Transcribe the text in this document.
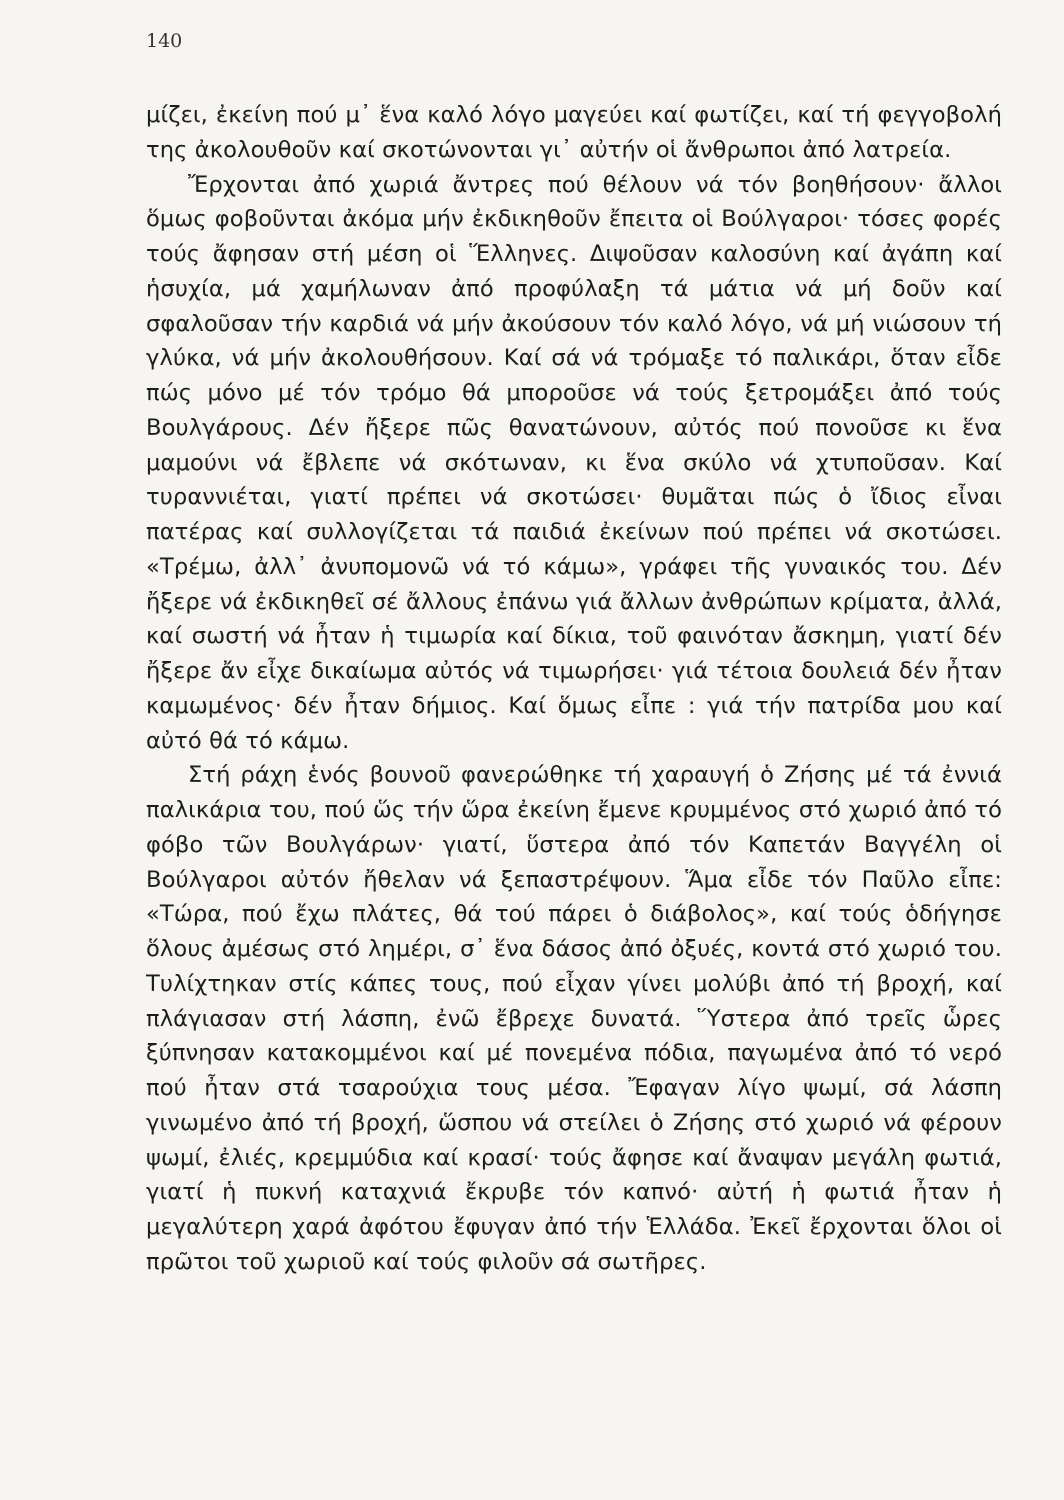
140

μίζει, ἐκείνη πού μ᾽ ἕνα καλό λόγο μαγεύει καί φωτίζει, καί τή φεγγοβολή της ἀκολουθοῦν καί σκοτώνονται γι᾽ αὐτήν οἱ ἄνθρωποι ἀπό λατρεία.

Ἔρχονται ἀπό χωριά ἄντρες πού θέλουν νά τόν βοηθήσουν· ἄλλοι ὅμως φοβοῦνται ἀκόμα μήν ἐκδικηθοῦν ἔπειτα οἱ Βούλγαροι· τόσες φορές τούς ἄφησαν στή μέση οἱ Ἕλληνες. Διψοῦσαν καλοσύνη καί ἀγάπη καί ἡσυχία, μά χαμήλωναν ἀπό προφύλαξη τά μάτια νά μή δοῦν καί σφαλοῦσαν τήν καρδιά νά μήν ἀκούσουν τόν καλό λόγο, νά μή νιώσουν τή γλύκα, νά μήν ἀκολουθήσουν. Καί σά νά τρόμαξε τό παλικάρι, ὅταν εἶδε πώς μόνο μέ τόν τρόμο θά μποροῦσε νά τούς ξετρομάξει ἀπό τούς Βουλγάρους. Δέν ἤξερε πῶς θανατώνουν, αὐτός πού πονοῦσε κι ἕνα μαμούνι νά ἔβλεπε νά σκότωναν, κι ἕνα σκύλο νά χτυποῦσαν. Καί τυραννιέται, γιατί πρέπει νά σκοτώσει· θυμᾶται πώς ὁ ἴδιος εἶναι πατέρας καί συλλογίζεται τά παιδιά ἐκείνων πού πρέπει νά σκοτώσει. «Τρέμω, ἀλλ᾽ ἀνυπομονῶ νά τό κάμω», γράφει τῆς γυναικός του. Δέν ἤξερε νά ἐκδικηθεῖ σέ ἄλλους ἐπάνω γιά ἄλλων ἀνθρώπων κρίματα, ἀλλά, καί σωστή νά ἦταν ἡ τιμωρία καί δίκια, τοῦ φαινόταν ἄσκημη, γιατί δέν ἤξερε ἄν εἶχε δικαίωμα αὐτός νά τιμωρήσει· γιά τέτοια δουλειά δέν ἦταν καμωμένος· δέν ἦταν δήμιος. Καί ὅμως εἶπε : γιά τήν πατρίδα μου καί αὐτό θά τό κάμω.

Στή ράχη ἑνός βουνοῦ φανερώθηκε τή χαραυγή ὁ Ζήσης μέ τά ἐννιά παλικάρια του, πού ὥς τήν ὥρα ἐκείνη ἔμενε κρυμμένος στό χωριό ἀπό τό φόβο τῶν Βουλγάρων· γιατί, ὕστερα ἀπό τόν Καπετάν Βαγγέλη οἱ Βούλγαροι αὐτόν ἤθελαν νά ξεπαστρέψουν. Ἅμα εἶδε τόν Παῦλο εἶπε: «Τώρα, πού ἔχω πλάτες, θά τού πάρει ὁ διάβολος», καί τούς ὁδήγησε ὅλους ἀμέσως στό λημέρι, σ᾽ ἕνα δάσος ἀπό ὀξυές, κοντά στό χωριό του. Τυλίχτηκαν στίς κάπες τους, πού εἶχαν γίνει μολύβι ἀπό τή βροχή, καί πλάγιασαν στή λάσπη, ἐνῶ ἔβρεχε δυνατά. Ὕστερα ἀπό τρεῖς ὧρες ξύπνησαν κατακομμένοι καί μέ πονεμένα πόδια, παγωμένα ἀπό τό νερό πού ἦταν στά τσαρούχια τους μέσα. Ἔφαγαν λίγο ψωμί, σά λάσπη γινωμένο ἀπό τή βροχή, ὥσπου νά στείλει ὁ Ζήσης στό χωριό νά φέρουν ψωμί, ἐλιές, κρεμμύδια καί κρασί· τούς ἄφησε καί ἄναψαν μεγάλη φωτιά, γιατί ἡ πυκνή καταχνιά ἔκρυβε τόν καπνό· αὐτή ἡ φωτιά ἦταν ἡ μεγαλύτερη χαρά ἀφότου ἔφυγαν ἀπό τήν Ἑλλάδα. Ἐκεῖ ἔρχονται ὅλοι οἱ πρῶτοι τοῦ χωριοῦ καί τούς φιλοῦν σά σωτῆρες.
